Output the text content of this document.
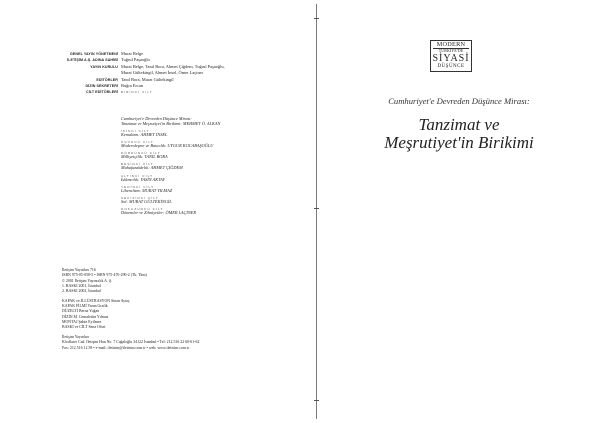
GENEL YAYIN YÖNETMENİ Murat Belge
İLETİŞİM A.Ş. ADINA SAHİBİ Tuğrul Paşaoğlu
YAYIN KURULU Murat Belge, Tanıl Bora, Ahmet Çiğdem, Tuğrul Paşaoğlu,
Murat Gültekingil, Ahmet İnsel, Ömer Laçiner
EDİTÖRLER Tanıl Bora, Murat Gültekingil
DİZİN SEKRETERİ Buğra Ercan
CİLT EDİTÖRLERİ BİRİNCİ CİLT
Cumhuriyet'e Devreden Düşünce Mirası:
Tanzimat ve Meşrutiyet'in Birikimi: MEHMET Ö. ALKAN
İKİNCİ CİLT
Kemalizm: AHMET İNSEL
ÜÇÜNCÜ CİLT
Modernleşme ve Batıcılık: UYGUR KOCABAŞOĞLU
DÖRDÜNCÜ CİLT
Milliyetçilik: TANIL BORA
BEŞİNCİ CİLT
Muhafazakârlık: AHMET ÇİĞDEM
ALTINCI CİLT
İslâmcılık: YASİN AKTAY
YEDİNCİ CİLT
Liberalizm: MURAT YILMAZ
SEKİZİNCİ CİLT
Sol: MURAT GÜLTEKİNGİL
DOKUZUNCU CİLT
Dönemler ve Zihniyetler: ÖMER LAÇİNER
İletişim Yayınları 716
ISBN 975-05-058-5 • ISBN 975-470-290-2 (Tk. Tkm)
© 2001 İletişim Yayıncılık A. Ş.
1. BASKI 2001, İstanbul
2. BASKI 2002, İstanbul
KAPAK ve İLLÜSTRASYON Sinan Aytaç
KAPAK FİLMİ Varan Grafik
DÜZELTİ Berna Yoğan
DİZİN M. Cemalettin Yılmaz
MONTAJ Şahin Eyilmez
BASKI ve CİLT Sena Ofset
İletişim Yayınları
Klodfarer Cad. İletişim Han No. 7 Cağaloğlu 34122 İstanbul • Tel: 212.516 22 60-61-62
Fax: 212.516 12 58 • e-mail: iletisim@iletisim.com.tr • web: www.iletisim.com.tr
MODERN
TÜRKİYE'DE
SİYASİ
DÜŞÜNCE
Cumhuriyet'e Devreden Düşünce Mirası:
Tanzimat ve
Meşrutiyet'in Birikimi
